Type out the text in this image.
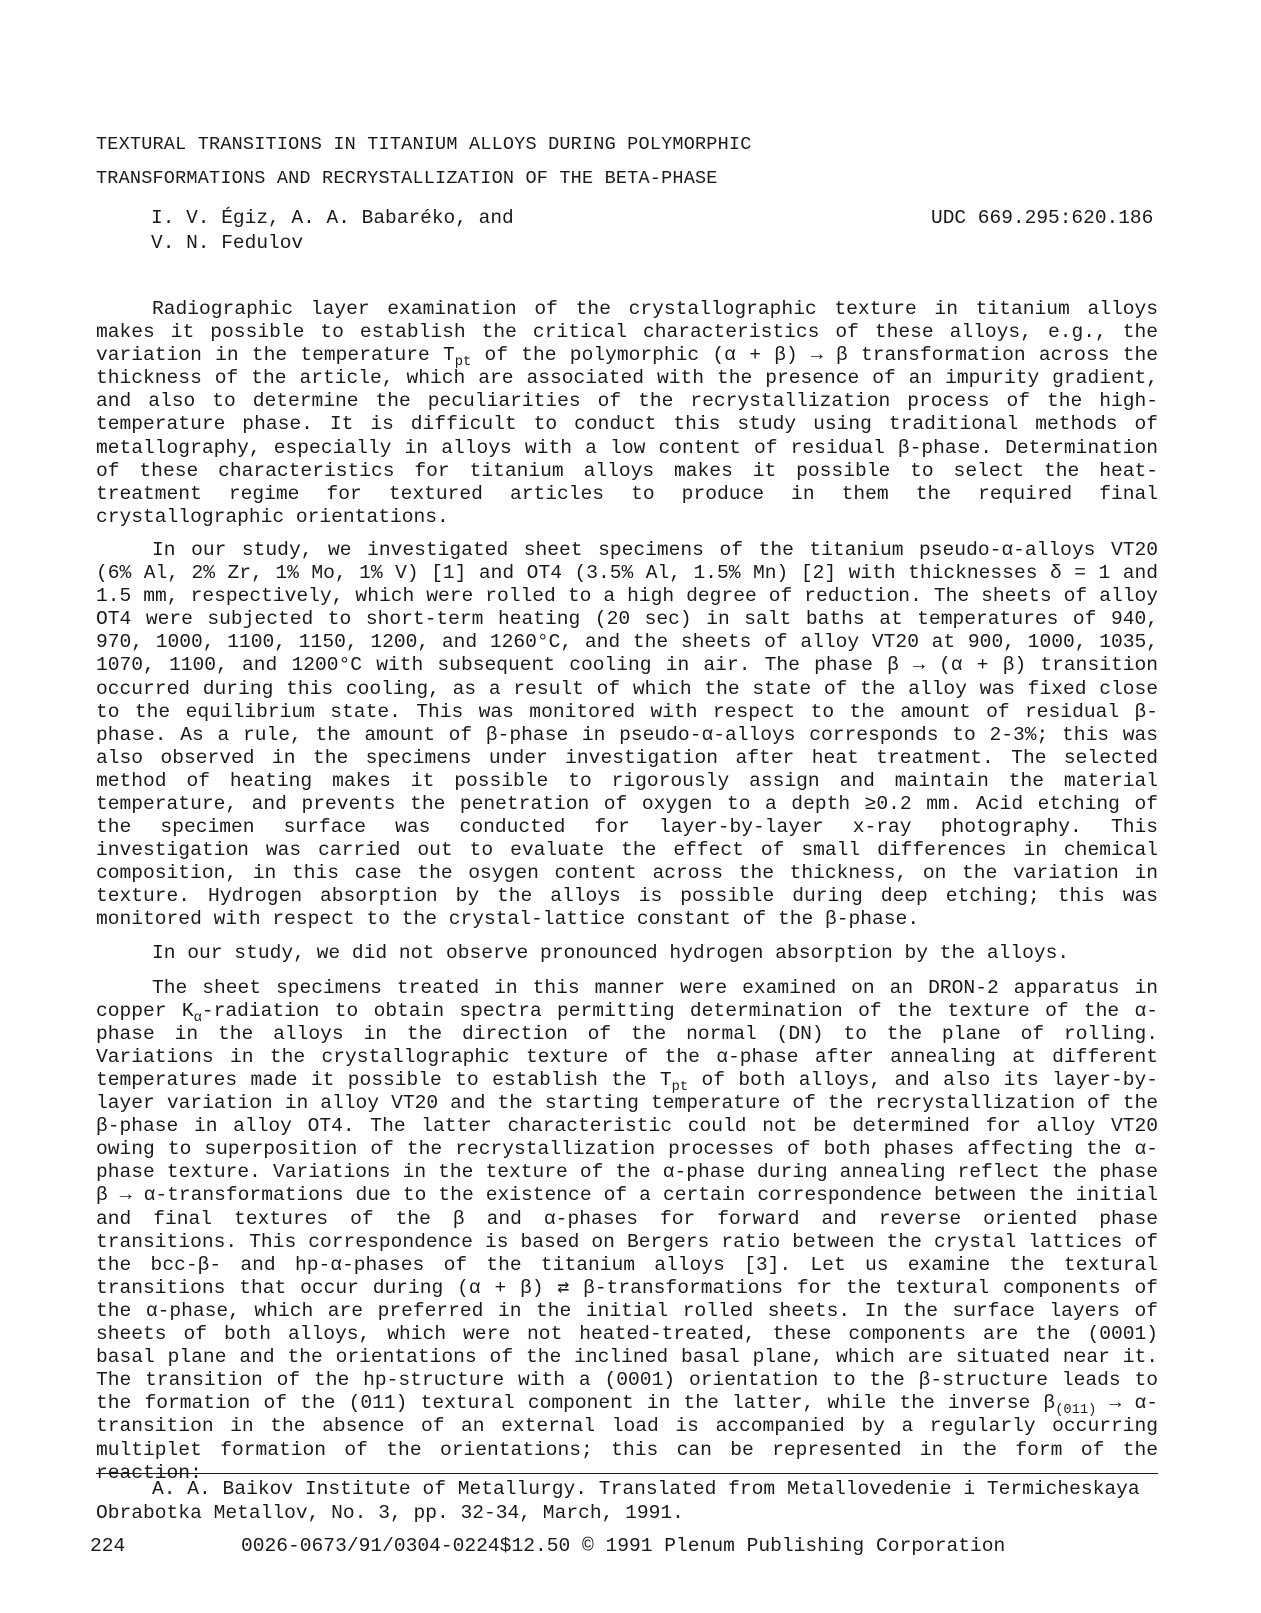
TEXTURAL TRANSITIONS IN TITANIUM ALLOYS DURING POLYMORPHIC
TRANSFORMATIONS AND RECRYSTALLIZATION OF THE BETA-PHASE
I. V. Égiz, A. A. Babaréko, and
V. N. Fedulov
UDC 669.295:620.186

Radiographic layer examination of the crystallographic texture in titanium alloys makes it possible to establish the critical characteristics of these alloys, e.g., the variation in the temperature $T_{pt}$ of the polymorphic (α + β) → β transformation across the thickness of the article, which are associated with the presence of an impurity gradient, and also to determine the peculiarities of the recrystallization process of the high-temperature phase. It is difficult to conduct this study using traditional methods of metallography, especially in alloys with a low content of residual β-phase. Determination of these characteristics for titanium alloys makes it possible to select the heat-treatment regime for textured articles to produce in them the required final crystallographic orientations.

In our study, we investigated sheet specimens of the titanium pseudo-α-alloys VT20 (6% Al, 2% Zr, 1% Mo, 1% V) [1] and OT4 (3.5% Al, 1.5% Mn) [2] with thicknesses δ = 1 and 1.5 mm, respectively, which were rolled to a high degree of reduction. The sheets of alloy OT4 were subjected to short-term heating (20 sec) in salt baths at temperatures of 940, 970, 1000, 1100, 1150, 1200, and 1260°C, and the sheets of alloy VT20 at 900, 1000, 1035, 1070, 1100, and 1200°C with subsequent cooling in air. The phase β → (α + β) transition occurred during this cooling, as a result of which the state of the alloy was fixed close to the equilibrium state. This was monitored with respect to the amount of residual β-phase. As a rule, the amount of β-phase in pseudo-α-alloys corresponds to 2-3%; this was also observed in the specimens under investigation after heat treatment. The selected method of heating makes it possible to rigorously assign and maintain the material temperature, and prevents the penetration of oxygen to a depth ≥0.2 mm. Acid etching of the specimen surface was conducted for layer-by-layer x-ray photography. This investigation was carried out to evaluate the effect of small differences in chemical composition, in this case the osygen content across the thickness, on the variation in texture. Hydrogen absorption by the alloys is possible during deep etching; this was monitored with respect to the crystal-lattice constant of the β-phase.

In our study, we did not observe pronounced hydrogen absorption by the alloys.

The sheet specimens treated in this manner were examined on an DRON-2 apparatus in copper $K_\alpha$-radiation to obtain spectra permitting determination of the texture of the α-phase in the alloys in the direction of the normal (DN) to the plane of rolling. Variations in the crystallographic texture of the α-phase after annealing at different temperatures made it possible to establish the $T_{pt}$ of both alloys, and also its layer-by-layer variation in alloy VT20 and the starting temperature of the recrystallization of the β-phase in alloy OT4. The latter characteristic could not be determined for alloy VT20 owing to superposition of the recrystallization processes of both phases affecting the α-phase texture. Variations in the texture of the α-phase during annealing reflect the phase β → α-transformations due to the existence of a certain correspondence between the initial and final textures of the β and α-phases for forward and reverse oriented phase transitions. This correspondence is based on Bergers ratio between the crystal lattices of the bcc-β- and hp-α-phases of the titanium alloys [3]. Let us examine the textural transitions that occur during (α + β) ⇄ β-transformations for the textural components of the α-phase, which are preferred in the initial rolled sheets. In the surface layers of sheets of both alloys, which were not heated-treated, these components are the (0001) basal plane and the orientations of the inclined basal plane, which are situated near it. The transition of the hp-structure with a (0001) orientation to the β-structure leads to the formation of the (011) textural component in the latter, while the inverse $\beta_{(011)}$ → α-transition in the absence of an external load is accompanied by a regularly occurring multiplet formation of the orientations; this can be represented in the form of the reaction:

A. A. Baikov Institute of Metallurgy. Translated from Metallovedenie i Termicheskaya Obrabotka Metallov, No. 3, pp. 32-34, March, 1991.
224	0026-0673/91/0304-0224$12.50 © 1991 Plenum Publishing Corporation
